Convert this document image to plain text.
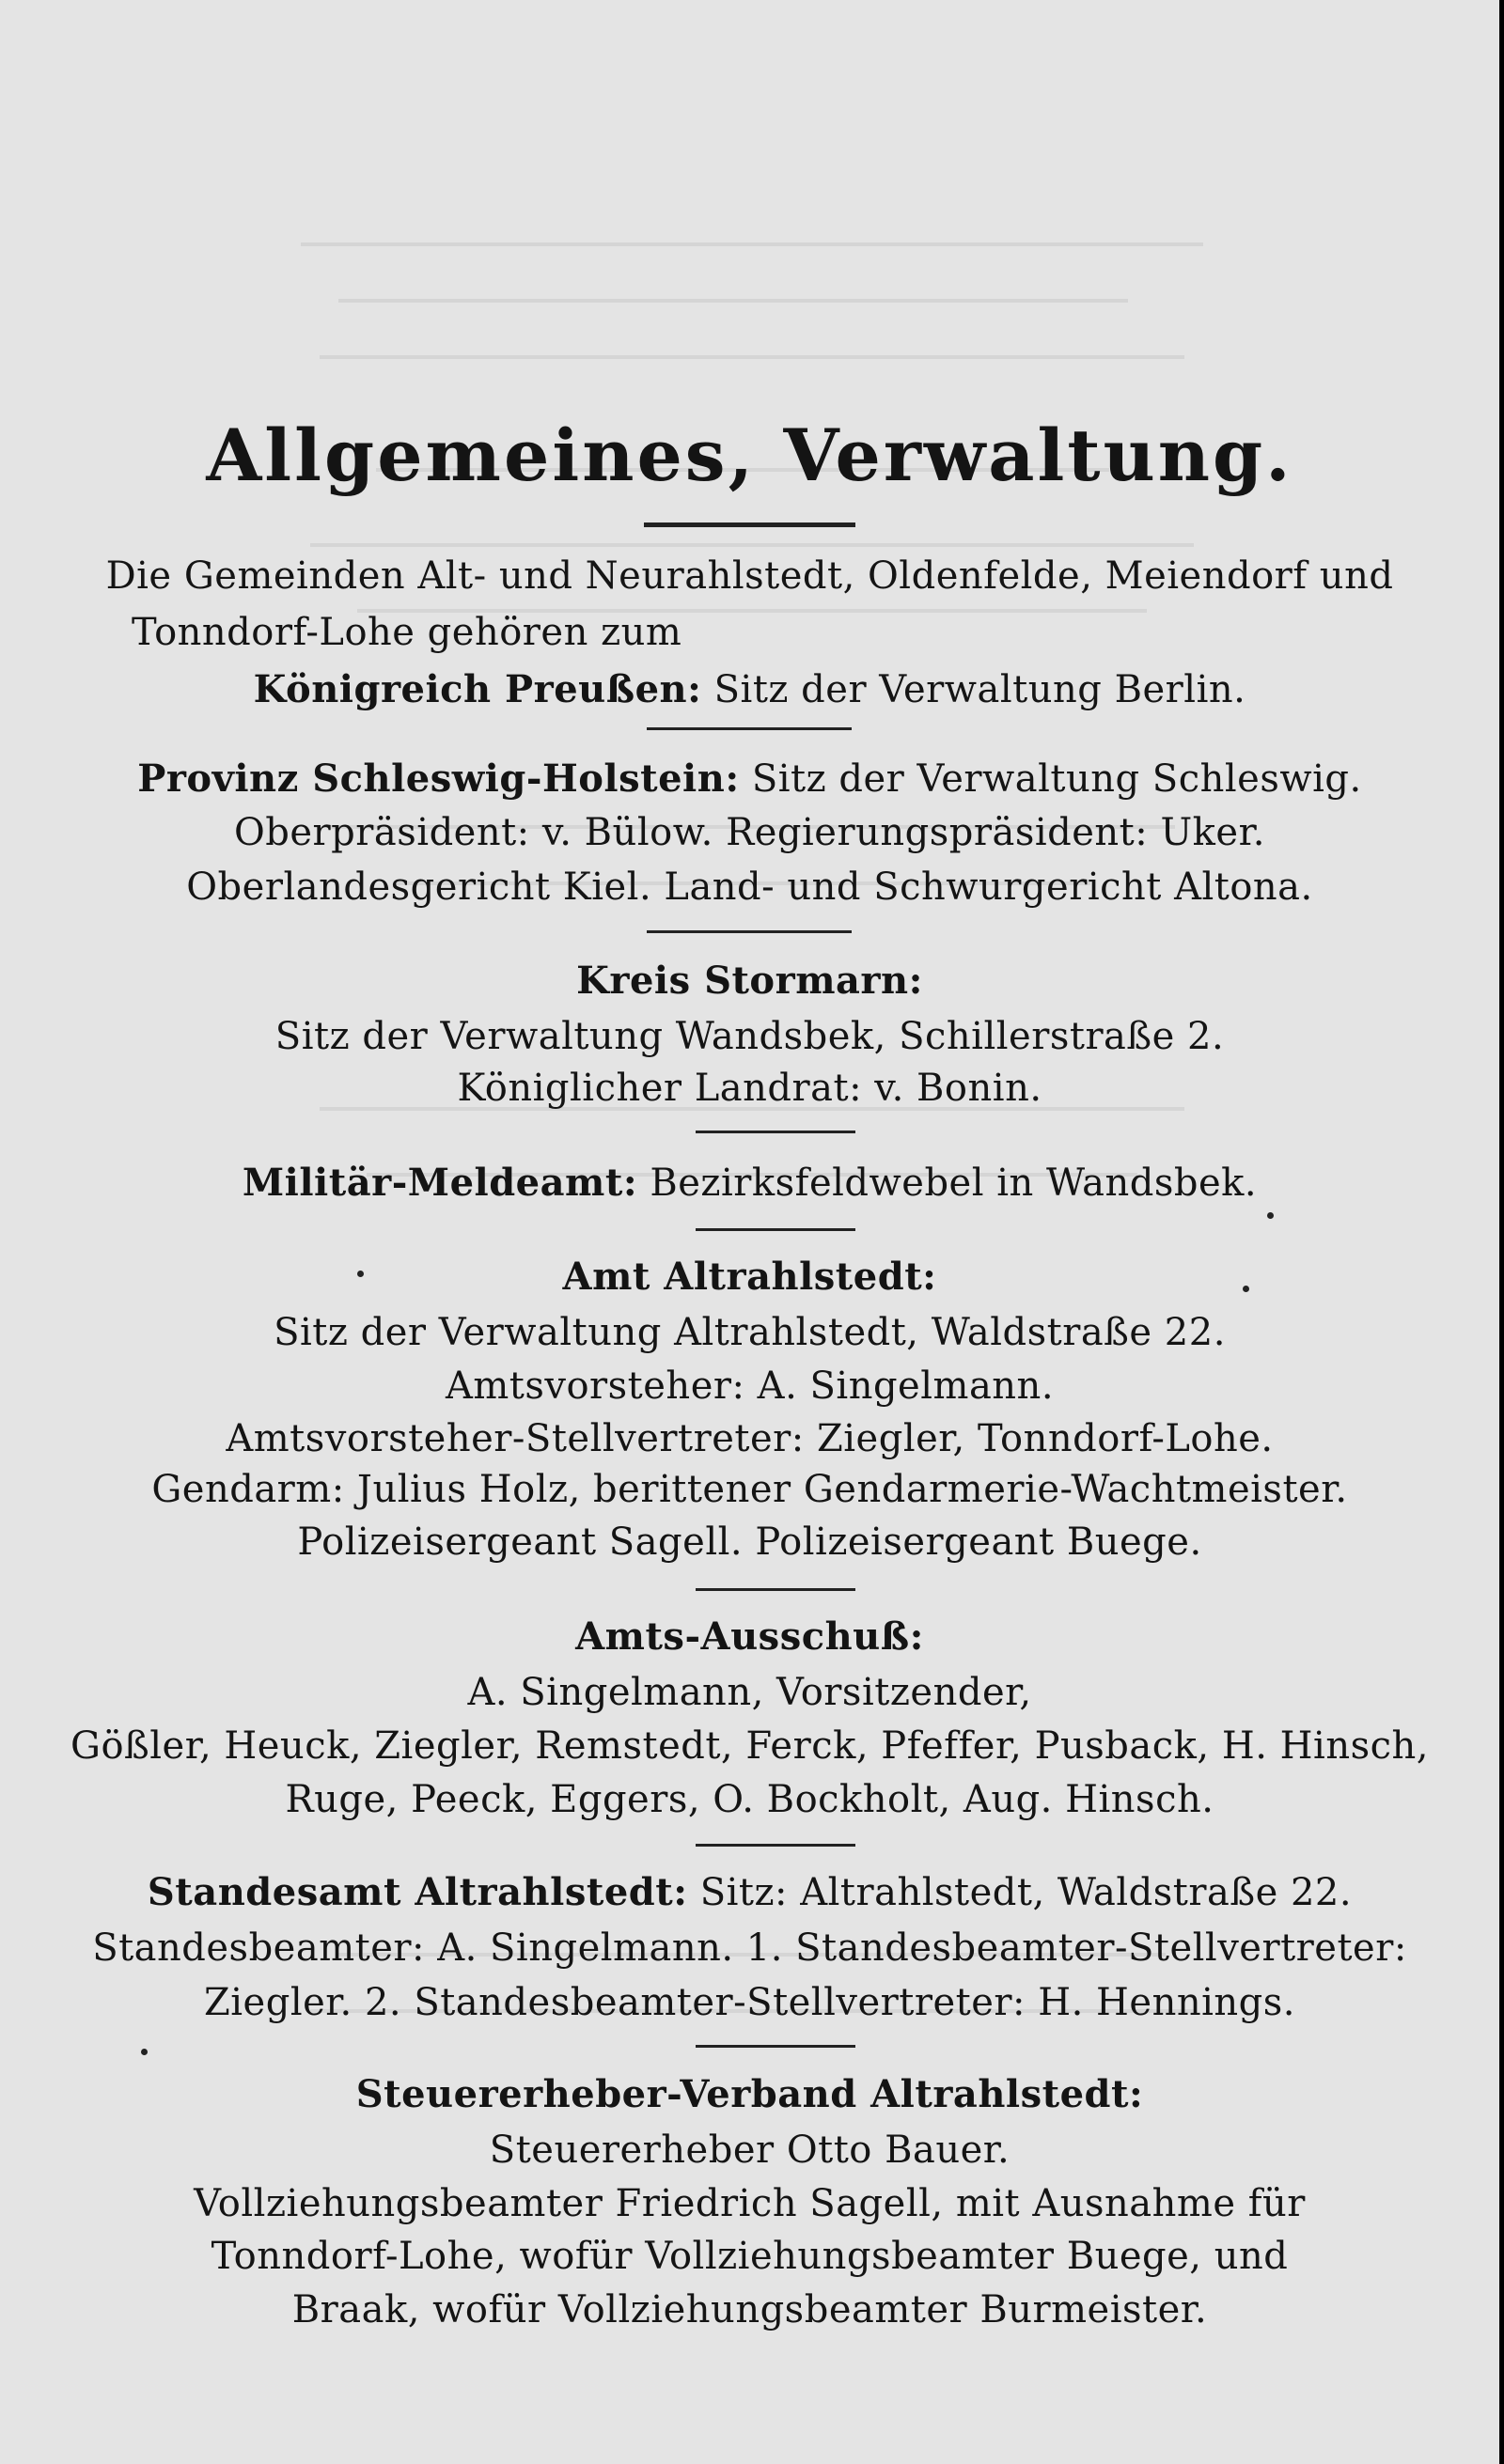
Allgemeines, Verwaltung.
Die Gemeinden Alt- und Neurahlstedt, Oldenfelde, Meiendorf und
Tonndorf-Lohe gehören zum
Königreich Preußen: Sitz der Verwaltung Berlin.
Provinz Schleswig-Holstein: Sitz der Verwaltung Schleswig.
Oberpräsident: v. Bülow. Regierungspräsident: Uker.
Oberlandesgericht Kiel. Land- und Schwurgericht Altona.
Kreis Stormarn:
Sitz der Verwaltung Wandsbek, Schillerstraße 2.
Königlicher Landrat: v. Bonin.
Militär-Meldeamt: Bezirksfeldwebel in Wandsbek.
Amt Altrahlstedt:
Sitz der Verwaltung Altrahlstedt, Waldstraße 22.
Amtsvorsteher: A. Singelmann.
Amtsvorsteher-Stellvertreter: Ziegler, Tonndorf-Lohe.
Gendarm: Julius Holz, berittener Gendarmerie-Wachtmeister.
Polizeisergeant Sagell. Polizeisergeant Buege.
Amts-Ausschuß:
A. Singelmann, Vorsitzender,
Gößler, Heuck, Ziegler, Remstedt, Ferck, Pfeffer, Pusback, H. Hinsch,
Ruge, Peeck, Eggers, O. Bockholt, Aug. Hinsch.
Standesamt Altrahlstedt: Sitz: Altrahlstedt, Waldstraße 22.
Standesbeamter: A. Singelmann. 1. Standesbeamter-Stellvertreter:
Ziegler. 2. Standesbeamter-Stellvertreter: H. Hennings.
Steuererheber-Verband Altrahlstedt:
Steuererheber Otto Bauer.
Vollziehungsbeamter Friedrich Sagell, mit Ausnahme für
Tonndorf-Lohe, wofür Vollziehungsbeamter Buege, und
Braak, wofür Vollziehungsbeamter Burmeister.
